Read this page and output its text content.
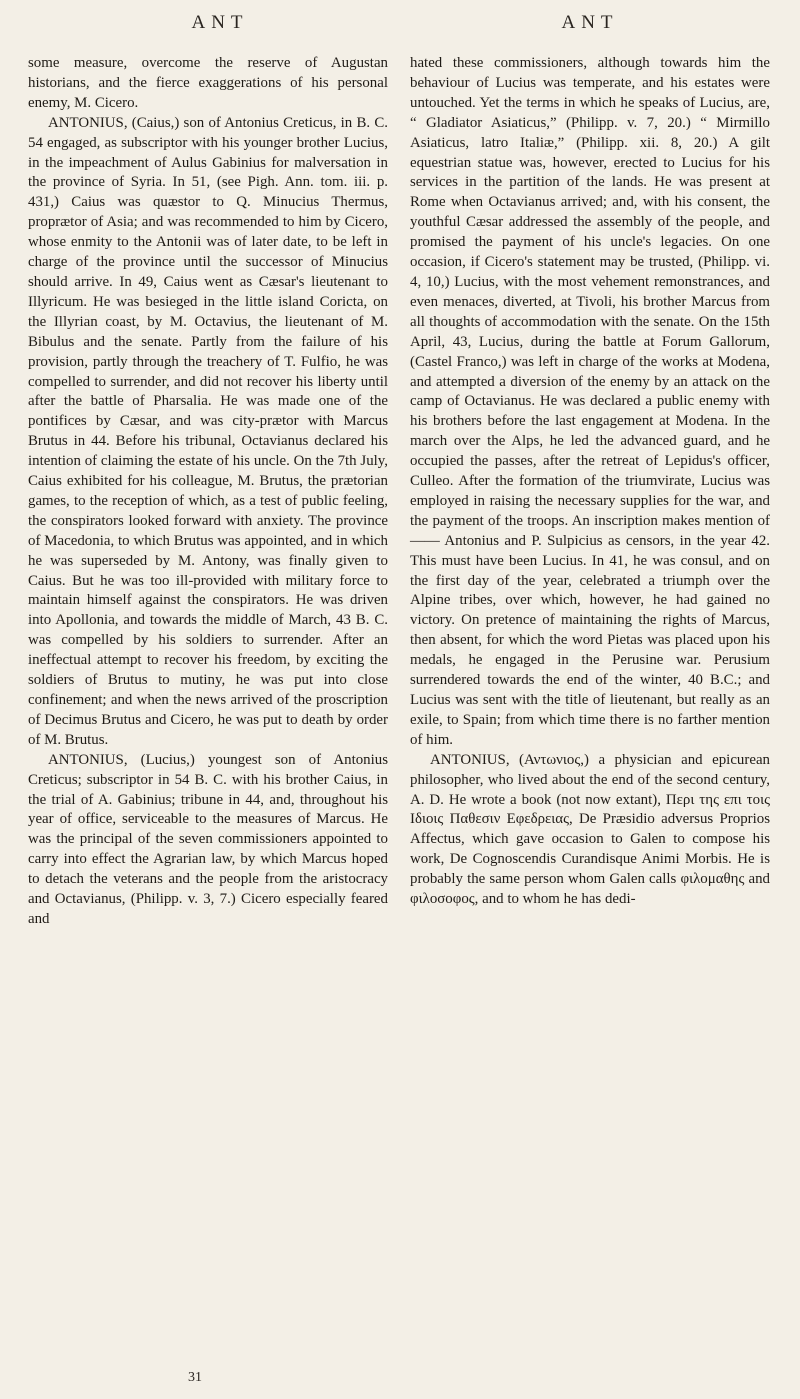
ANT	ANT

some measure, overcome the reserve of Augustan historians, and the fierce exaggerations of his personal enemy, M. Cicero.

ANTONIUS, (Caius,) son of Antonius Creticus, in B. C. 54 engaged, as subscriptor with his younger brother Lucius, in the impeachment of Aulus Gabinius for malversation in the province of Syria. In 51, (see Pigh. Ann. tom. iii. p. 431,) Caius was quæstor to Q. Minucius Thermus, proprætor of Asia; and was recommended to him by Cicero, whose enmity to the Antonii was of later date, to be left in charge of the province until the successor of Minucius should arrive. In 49, Caius went as Cæsar's lieutenant to Illyricum. He was besieged in the little island Coricta, on the Illyrian coast, by M. Octavius, the lieutenant of M. Bibulus and the senate. Partly from the failure of his provision, partly through the treachery of T. Fulfio, he was compelled to surrender, and did not recover his liberty until after the battle of Pharsalia. He was made one of the pontifices by Cæsar, and was city-prætor with Marcus Brutus in 44. Before his tribunal, Octavianus declared his intention of claiming the estate of his uncle. On the 7th July, Caius exhibited for his colleague, M. Brutus, the prætorian games, to the reception of which, as a test of public feeling, the conspirators looked forward with anxiety. The province of Macedonia, to which Brutus was appointed, and in which he was superseded by M. Antony, was finally given to Caius. But he was too ill-provided with military force to maintain himself against the conspirators. He was driven into Apollonia, and towards the middle of March, 43 B. C. was compelled by his soldiers to surrender. After an ineffectual attempt to recover his freedom, by exciting the soldiers of Brutus to mutiny, he was put into close confinement; and when the news arrived of the proscription of Decimus Brutus and Cicero, he was put to death by order of M. Brutus.

ANTONIUS, (Lucius,) youngest son of Antonius Creticus; subscriptor in 54 B. C. with his brother Caius, in the trial of A. Gabinius; tribune in 44, and, throughout his year of office, serviceable to the measures of Marcus. He was the principal of the seven commissioners appointed to carry into effect the Agrarian law, by which Marcus hoped to detach the veterans and the people from the aristocracy and Octavianus, (Philipp. v. 3, 7.) Cicero especially feared and

hated these commissioners, although towards him the behaviour of Lucius was temperate, and his estates were untouched. Yet the terms in which he speaks of Lucius, are, “ Gladiator Asiaticus,” (Philipp. v. 7, 20.) “ Mirmillo Asiaticus, latro Italiæ,” (Philipp. xii. 8, 20.) A gilt equestrian statue was, however, erected to Lucius for his services in the partition of the lands. He was present at Rome when Octavianus arrived; and, with his consent, the youthful Cæsar addressed the assembly of the people, and promised the payment of his uncle's legacies. On one occasion, if Cicero's statement may be trusted, (Philipp. vi. 4, 10,) Lucius, with the most vehement remonstrances, and even menaces, diverted, at Tivoli, his brother Marcus from all thoughts of accommodation with the senate. On the 15th April, 43, Lucius, during the battle at Forum Gallorum, (Castel Franco,) was left in charge of the works at Modena, and attempted a diversion of the enemy by an attack on the camp of Octavianus. He was declared a public enemy with his brothers before the last engagement at Modena. In the march over the Alps, he led the advanced guard, and he occupied the passes, after the retreat of Lepidus's officer, Culleo. After the formation of the triumvirate, Lucius was employed in raising the necessary supplies for the war, and the payment of the troops. An inscription makes mention of —— Antonius and P. Sulpicius as censors, in the year 42. This must have been Lucius. In 41, he was consul, and on the first day of the year, celebrated a triumph over the Alpine tribes, over which, however, he had gained no victory. On pretence of maintaining the rights of Marcus, then absent, for which the word Pietas was placed upon his medals, he engaged in the Perusine war. Perusium surrendered towards the end of the winter, 40 B.C.; and Lucius was sent with the title of lieutenant, but really as an exile, to Spain; from which time there is no farther mention of him.

ANTONIUS, (Αντωνιος,) a physician and epicurean philosopher, who lived about the end of the second century, A. D. He wrote a book (not now extant), Περι της επι τοις Ιδιοις Παθεσιν Εφεδρειας, De Præsidio adversus Proprios Affectus, which gave occasion to Galen to compose his work, De Cognoscendis Curandisque Animi Morbis. He is probably the same person whom Galen calls φιλομαθης and φιλοσοφος, and to whom he has dedi-

31
